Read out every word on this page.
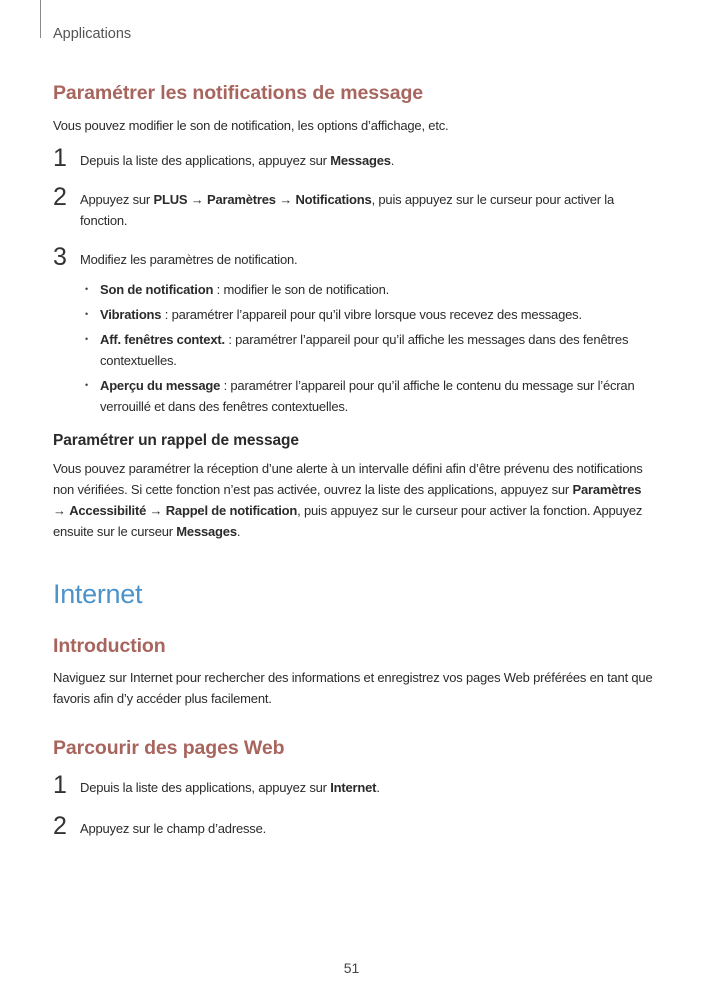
Applications
Paramétrer les notifications de message

Vous pouvez modifier le son de notification, les options d’affichage, etc.

1 Depuis la liste des applications, appuyez sur Messages.
2 Appuyez sur PLUS → Paramètres → Notifications, puis appuyez sur le curseur pour activer la fonction.
3 Modifiez les paramètres de notification.
• Son de notification : modifier le son de notification.
• Vibrations : paramétrer l’appareil pour qu’il vibre lorsque vous recevez des messages.
• Aff. fenêtres context. : paramétrer l’appareil pour qu’il affiche les messages dans des fenêtres contextuelles.
• Aperçu du message : paramétrer l’appareil pour qu’il affiche le contenu du message sur l’écran verrouillé et dans des fenêtres contextuelles.
Paramétrer un rappel de message

Vous pouvez paramétrer la réception d’une alerte à un intervalle défini afin d’être prévenu des notifications non vérifiées. Si cette fonction n’est pas activée, ouvrez la liste des applications, appuyez sur Paramètres → Accessibilité → Rappel de notification, puis appuyez sur le curseur pour activer la fonction. Appuyez ensuite sur le curseur Messages.

Internet
Introduction

Naviguez sur Internet pour rechercher des informations et enregistrez vos pages Web préférées en tant que favoris afin d’y accéder plus facilement.

Parcourir des pages Web
1 Depuis la liste des applications, appuyez sur Internet.
2 Appuyez sur le champ d’adresse.
51
